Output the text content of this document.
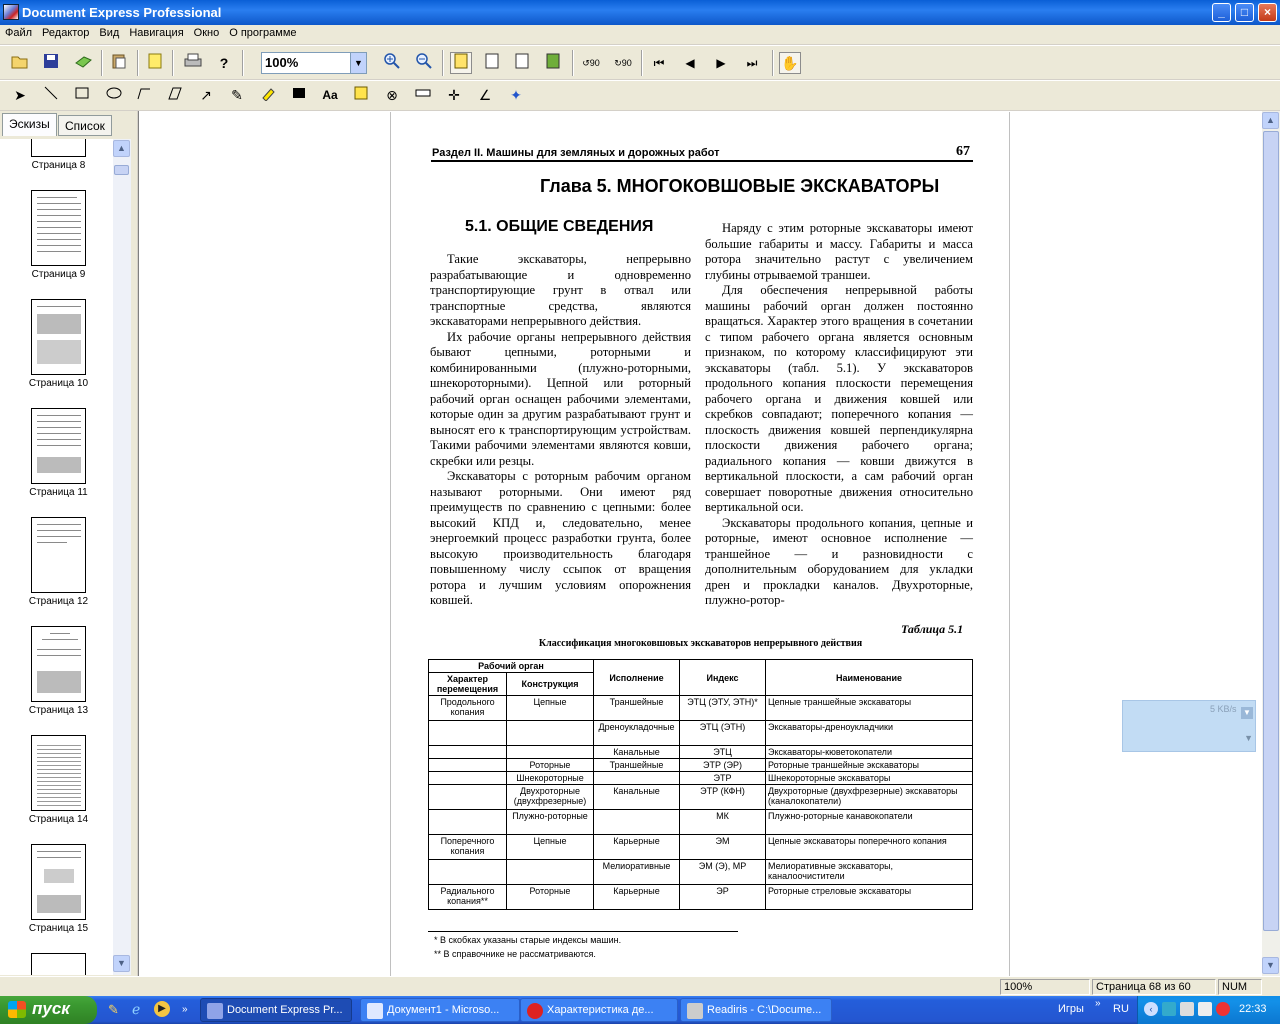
Document Express Professional	_	□	×
Файл Редактор Вид Навигация Окно О программе
?	100%	▼	↺90 ↻90	⏮	◀	▶	⏭	✋
➤	↗	✎	Aa	⊗	✛	∠	✦
Эскизы	Список
Страница 8
Страница 9
Страница 10
Страница 11
Страница 12
Страница 13
Страница 14
Страница 15
▲
▼
Раздел II. Машины для земляных и дорожных работ	67
Глава 5. МНОГОКОВШОВЫЕ ЭКСКАВАТОРЫ
5.1. ОБЩИЕ СВЕДЕНИЯ

Такие экскаваторы, непрерывно разрабатывающие и одновременно транспортирующие грунт в отвал или транспортные средства, являются экскаваторами непрерывного действия.

Их рабочие органы непрерывного действия бывают цепными, роторными и комбинированными (плужно-роторными, шнекороторными). Цепной или роторный рабочий орган оснащен рабочими элементами, которые один за другим разрабатывают грунт и выносят его к транспортирующим устройствам. Такими рабочими элементами являются ковши, скребки или резцы.

Экскаваторы с роторным рабочим органом называют роторными. Они имеют ряд преимуществ по сравнению с цепными: более высокий КПД и, следовательно, менее энергоемкий процесс разработки грунта, более высокую производительность благодаря повышенному числу ссыпок от вращения ротора и лучшим условиям опорожнения ковшей.

Наряду с этим роторные экскаваторы имеют большие габариты и массу. Габариты и масса ротора значительно растут с увеличением глубины отрываемой траншеи.

Для обеспечения непрерывной работы машины рабочий орган должен постоянно вращаться. Характер этого вращения в сочетании с типом рабочего органа является основным признаком, по которому классифицируют эти экскаваторы (табл. 5.1). У экскаваторов продольного копания плоскости перемещения рабочего органа и движения ковшей или скребков совпадают; поперечного копания — плоскость движения ковшей перпендикулярна плоскости движения рабочего органа; радиального копания — ковши движутся в вертикальной плоскости, а сам рабочий орган совершает поворотные движения относительно вертикальной оси.

Экскаваторы продольного копания, цепные и роторные, имеют основное исполнение — траншейное — и разновидности с дополнительным оборудованием для укладки дрен и прокладки каналов. Двухроторные, плужно-ротор-

Таблица 5.1
Классификация многоковшовых экскаваторов непрерывного действия
Рабочий орган		Исполнение	Индекс	Наименование
Характер перемещения	Конструкция			
Продольного копания	Цепные	Траншейные	ЭТЦ (ЭТУ, ЭТН)*	Цепные траншейные экскаваторы
		Дреноукладочные	ЭТЦ (ЭТН)	Экскаваторы-дреноукладчики
		Канальные	ЭТЦ	Экскаваторы-кюветокопатели
	Роторные	Траншейные	ЭТР (ЭР)	Роторные траншейные экскаваторы
	Шнекороторные		ЭТР	Шнекороторные экскаваторы
	Двухроторные (двухфрезерные)	Канальные	ЭТР (КФН)	Двухроторные (двухфрезерные) экскаваторы (каналокопатели)
	Плужно-роторные		МК	Плужно-роторные канавокопатели
Поперечного копания	Цепные	Карьерные	ЭМ	Цепные экскаваторы поперечного копания
		Мелиоративные	ЭМ (Э), МР	Мелиоративные экскаваторы, каналоочистители
Радиального копания**	Роторные	Карьерные	ЭР	Роторные стреловые экскаваторы
* В скобках указаны старые индексы машин.
** В справочнике не рассматриваются.
5 KB/s ▼
▼
▲
▼
100%	Страница 68 из 60	NUM
пуск	✎ ℯ	▶	»	Document Express Pr...	Документ1 - Microso...	Характеристика де...	Readiris - C:\Docume...	Игры » RU	‹	22:33
